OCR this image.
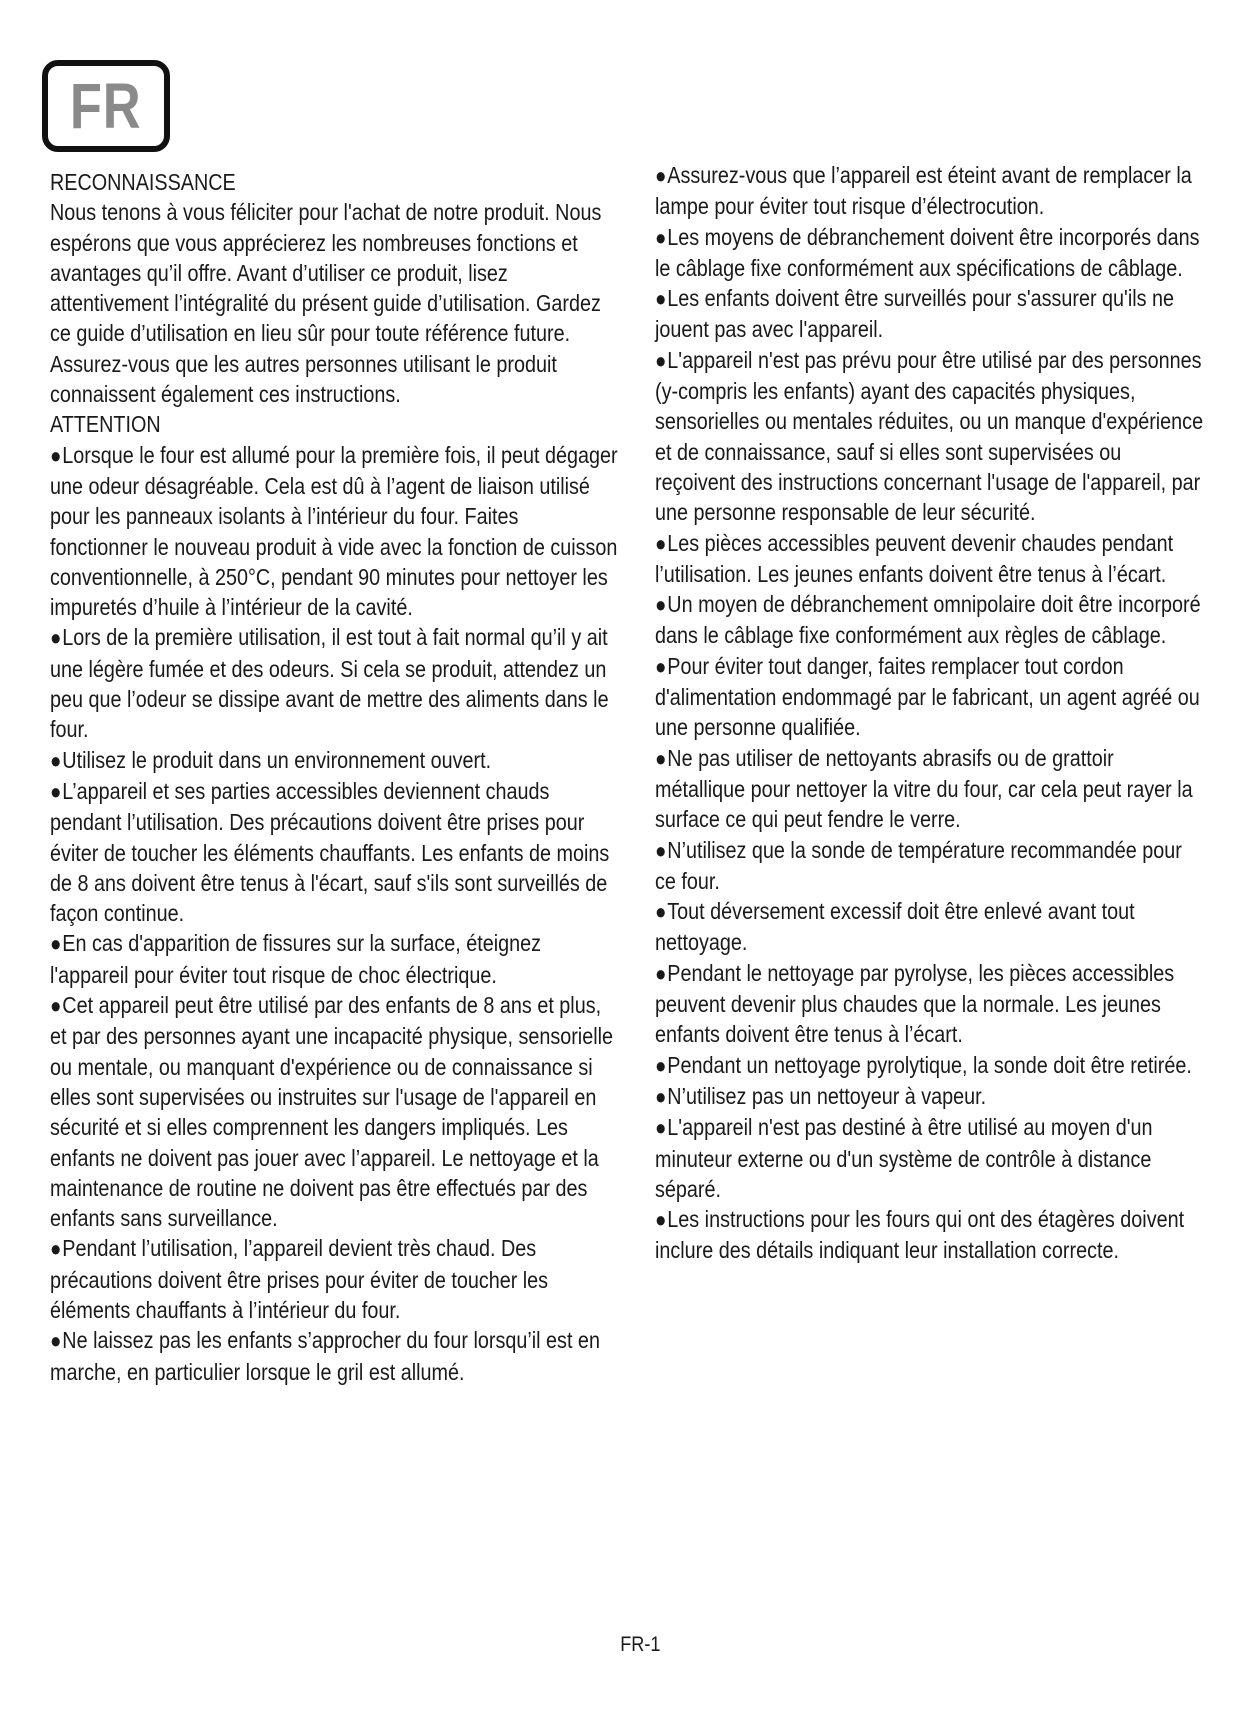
FR

RECONNAISSANCE

Nous tenons à vous féliciter pour l'achat de notre produit. Nous espérons que vous apprécierez les nombreuses fonctions et avantages qu’il offre. Avant d’utiliser ce produit, lisez attentivement l’intégralité du présent guide d’utilisation. Gardez ce guide d’utilisation en lieu sûr pour toute référence future. Assurez-vous que les autres personnes utilisant le produit connaissent également ces instructions.

ATTENTION

● Lorsque le four est allumé pour la première fois, il peut dégager une odeur désagréable. Cela est dû à l’agent de liaison utilisé pour les panneaux isolants à l’intérieur du four. Faites fonctionner le nouveau produit à vide avec la fonction de cuisson conventionnelle, à 250°C, pendant 90 minutes pour nettoyer les impuretés d’huile à l’intérieur de la cavité.

● Lors de la première utilisation, il est tout à fait normal qu’il y ait une légère fumée et des odeurs. Si cela se produit, attendez un peu que l’odeur se dissipe avant de mettre des aliments dans le four.

● Utilisez le produit dans un environnement ouvert.

● L’appareil et ses parties accessibles deviennent chauds pendant l’utilisation. Des précautions doivent être prises pour éviter de toucher les éléments chauffants. Les enfants de moins de 8 ans doivent être tenus à l'écart, sauf s'ils sont surveillés de façon continue.

● En cas d'apparition de fissures sur la surface, éteignez l'appareil pour éviter tout risque de choc électrique.

● Cet appareil peut être utilisé par des enfants de 8 ans et plus, et par des personnes ayant une incapacité physique, sensorielle ou mentale, ou manquant d'expérience ou de connaissance si elles sont supervisées ou instruites sur l'usage de l'appareil en sécurité et si elles comprennent les dangers impliqués. Les enfants ne doivent pas jouer avec l’appareil. Le nettoyage et la maintenance de routine ne doivent pas être effectués par des enfants sans surveillance.

● Pendant l’utilisation, l’appareil devient très chaud. Des précautions doivent être prises pour éviter de toucher les éléments chauffants à l’intérieur du four.

● Ne laissez pas les enfants s’approcher du four lorsqu’il est en marche, en particulier lorsque le gril est allumé.

● Assurez-vous que l’appareil est éteint avant de remplacer la lampe pour éviter tout risque d’électrocution.

● Les moyens de débranchement doivent être incorporés dans le câblage fixe conformément aux spécifications de câblage.

● Les enfants doivent être surveillés pour s'assurer qu'ils ne jouent pas avec l'appareil.

● L'appareil n'est pas prévu pour être utilisé par des personnes (y-compris les enfants) ayant des capacités physiques, sensorielles ou mentales réduites, ou un manque d'expérience et de connaissance, sauf si elles sont supervisées ou reçoivent des instructions concernant l'usage de l'appareil, par une personne responsable de leur sécurité.

● Les pièces accessibles peuvent devenir chaudes pendant l’utilisation. Les jeunes enfants doivent être tenus à l’écart.

● Un moyen de débranchement omnipolaire doit être incorporé dans le câblage fixe conformément aux règles de câblage.

● Pour éviter tout danger, faites remplacer tout cordon d'alimentation endommagé par le fabricant, un agent agréé ou une personne qualifiée.

● Ne pas utiliser de nettoyants abrasifs ou de grattoir métallique pour nettoyer la vitre du four, car cela peut rayer la surface ce qui peut fendre le verre.

● N’utilisez que la sonde de température recommandée pour ce four.

● Tout déversement excessif doit être enlevé avant tout nettoyage.

● Pendant le nettoyage par pyrolyse, les pièces accessibles peuvent devenir plus chaudes que la normale. Les jeunes enfants doivent être tenus à l’écart.

● Pendant un nettoyage pyrolytique, la sonde doit être retirée.

● N’utilisez pas un nettoyeur à vapeur.

● L'appareil n'est pas destiné à être utilisé au moyen d'un minuteur externe ou d'un système de contrôle à distance séparé.

● Les instructions pour les fours qui ont des étagères doivent inclure des détails indiquant leur installation correcte.

FR-1
